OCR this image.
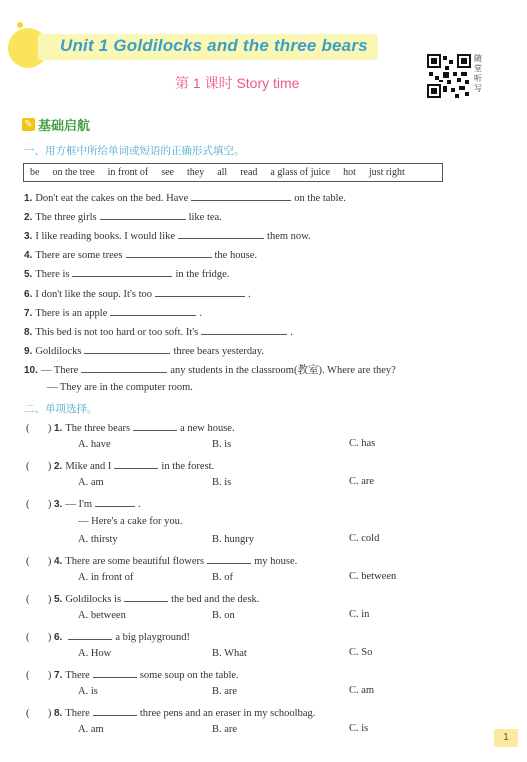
Unit 1 Goldilocks and the three bears
第 1 课时 Story time
随堂听写
✎ 基础启航
一、用方框中所给单词或短语的正确形式填空。
be on the tree in front of see they all read a glass of juice hot just right
1. Don't eat the cakes on the bed. Have	on the table.
2. The three girls	like tea.
3. I like reading books. I would like	them now.
4. There are some trees	the house.
5. There is	in the fridge.
6. I don't like the soup. It's too	.
7. There is an apple	.
8. This bed is not too hard or too soft. It's	.
9. Goldilocks	three bears yesterday.
10. — There	any students in the classroom(教室). Where are they?
— They are in the computer room.
二、单项选择。
(       ) 1. The three bears	a new house.
A. have	B. is	C. has
(       ) 2. Mike and I	in the forest.
A. am	B. is	C. are
(       ) 3. — I'm	.
— Here's a cake for you.
A. thirsty	B. hungry	C. cold
(       ) 4. There are some beautiful flowers	my house.
A. in front of	B. of	C. between
(       ) 5. Goldilocks is	the bed and the desk.
A. between	B. on	C. in
(       ) 6.	a big playground!
A. How	B. What	C. So
(       ) 7. There	some soup on the table.
A. is	B. are	C. am
(       ) 8. There	three pens and an eraser in my schoolbag.
A. am	B. are	C. is
1
